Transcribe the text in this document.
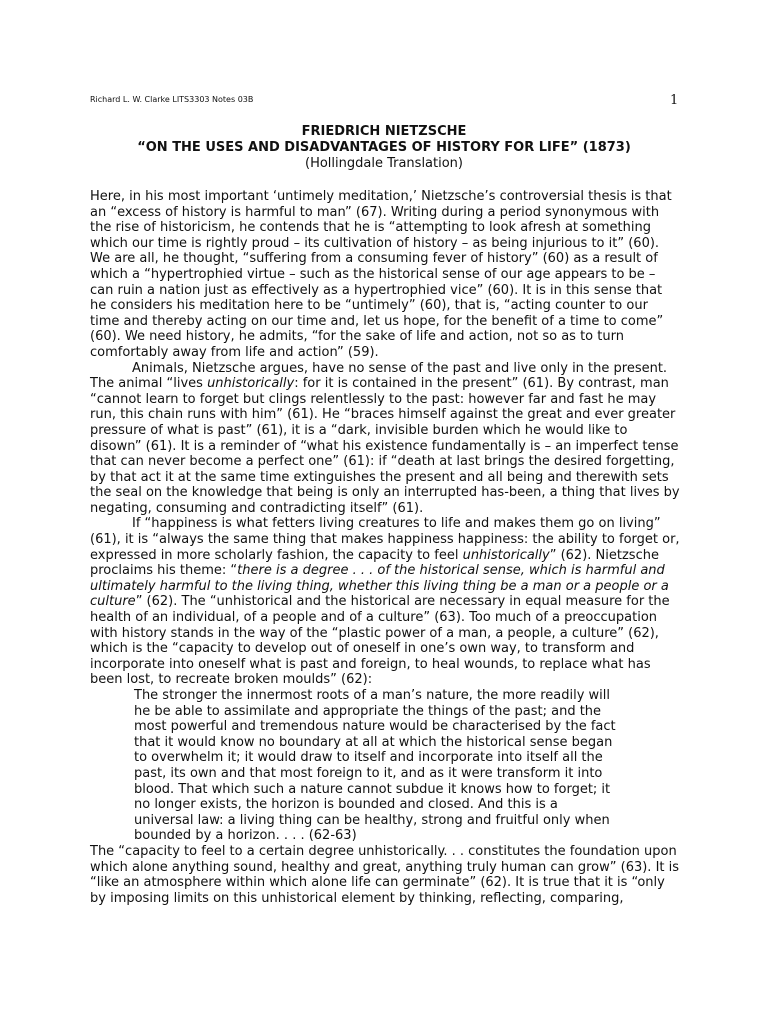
Richard L. W. Clarke LITS3303 Notes 03B	1
FRIEDRICH NIETZSCHE
“ON THE USES AND DISADVANTAGES OF HISTORY FOR LIFE” (1873)
(Hollingdale Translation)

Here, in his most important ‘untimely meditation,’ Nietzsche’s controversial thesis is that an “excess of history is harmful to man” (67). Writing during a period synonymous with the rise of historicism, he contends that he is “attempting to look afresh at something which our time is rightly proud – its cultivation of history – as being injurious to it” (60). We are all, he thought, “suffering from a consuming fever of history” (60) as a result of which a “hypertrophied virtue – such as the historical sense of our age appears to be – can ruin a nation just as effectively as a hypertrophied vice” (60). It is in this sense that he considers his meditation here to be “untimely” (60), that is, “acting counter to our time and thereby acting on our time and, let us hope, for the benefit of a time to come” (60). We need history, he admits, “for the sake of life and action, not so as to turn comfortably away from life and action” (59).

Animals, Nietzsche argues, have no sense of the past and live only in the present. The animal “lives unhistorically: for it is contained in the present” (61). By contrast, man “cannot learn to forget but clings relentlessly to the past: however far and fast he may run, this chain runs with him” (61). He “braces himself against the great and ever greater pressure of what is past” (61), it is a “dark, invisible burden which he would like to disown” (61). It is a reminder of “what his existence fundamentally is – an imperfect tense that can never become a perfect one” (61): if “death at last brings the desired forgetting, by that act it at the same time extinguishes the present and all being and therewith sets the seal on the knowledge that being is only an interrupted has-been, a thing that lives by negating, consuming and contradicting itself” (61).

If “happiness is what fetters living creatures to life and makes them go on living” (61), it is “always the same thing that makes happiness happiness: the ability to forget or, expressed in more scholarly fashion, the capacity to feel unhistorically” (62). Nietzsche proclaims his theme: “there is a degree . . . of the historical sense, which is harmful and ultimately harmful to the living thing, whether this living thing be a man or a people or a culture” (62). The “unhistorical and the historical are necessary in equal measure for the health of an individual, of a people and of a culture” (63). Too much of a preoccupation with history stands in the way of the “plastic power of a man, a people, a culture” (62), which is the “capacity to develop out of oneself in one’s own way, to transform and incorporate into oneself what is past and foreign, to heal wounds, to replace what has been lost, to recreate broken moulds” (62):

The stronger the innermost roots of a man’s nature, the more readily will he be able to assimilate and appropriate the things of the past; and the most powerful and tremendous nature would be characterised by the fact that it would know no boundary at all at which the historical sense began to overwhelm it; it would draw to itself and incorporate into itself all the past, its own and that most foreign to it, and as it were transform it into blood. That which such a nature cannot subdue it knows how to forget; it no longer exists, the horizon is bounded and closed. And this is a universal law: a living thing can be healthy, strong and fruitful only when bounded by a horizon. . . . (62-63)

The “capacity to feel to a certain degree unhistorically. . . constitutes the foundation upon which alone anything sound, healthy and great, anything truly human can grow” (63). It is “like an atmosphere within which alone life can germinate” (62). It is true that it is “only by imposing limits on this unhistorical element by thinking, reflecting, comparing,
